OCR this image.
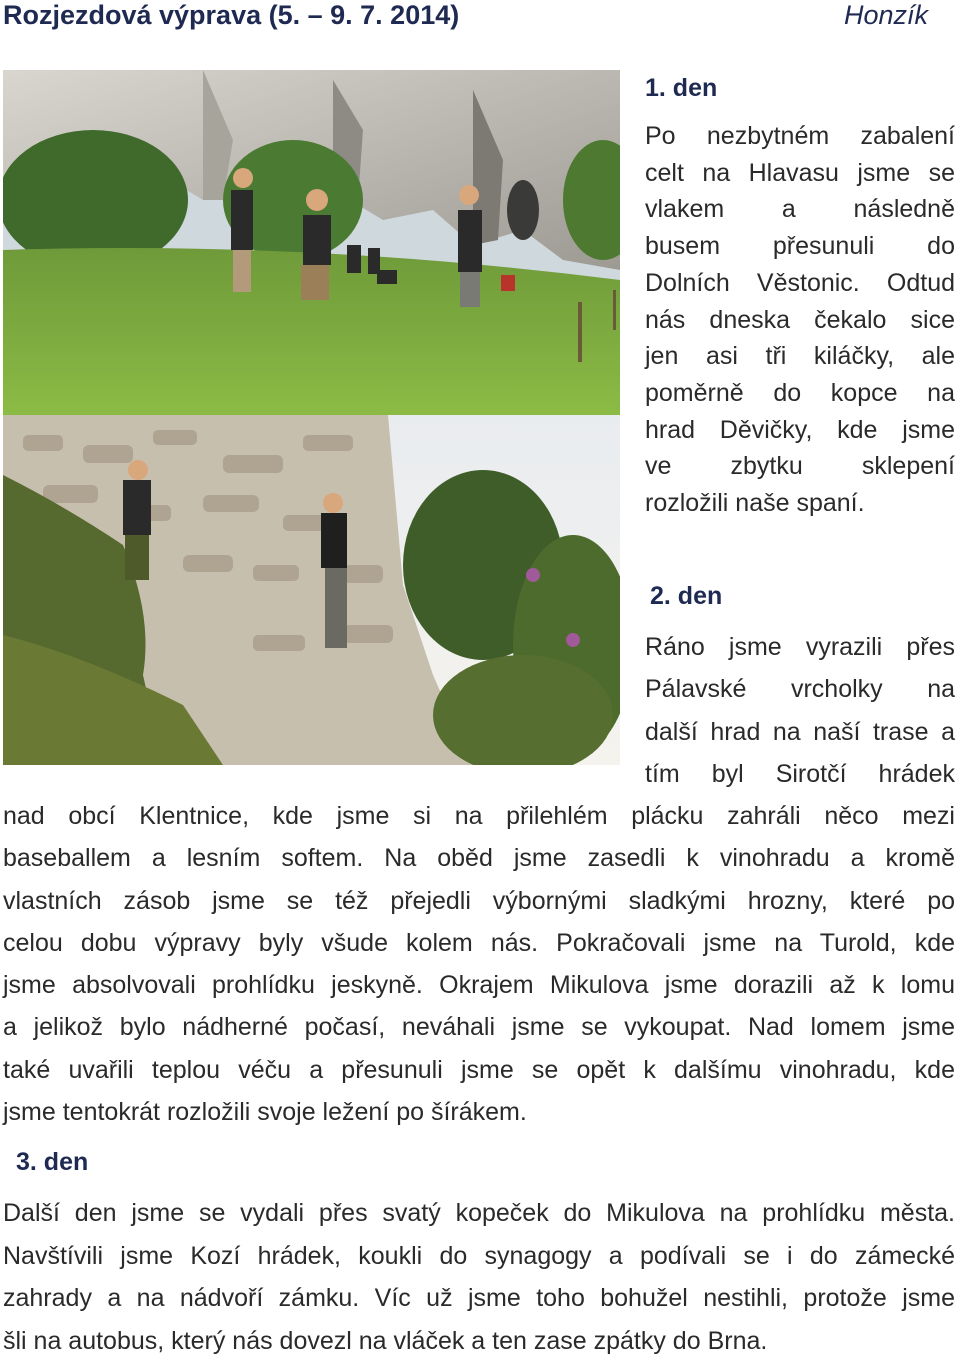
Rozjezdová výprava (5. – 9. 7. 2014)	Honzík
1. den
Po nezbytném zabalení
celt na Hlavasu jsme se
vlakem a následně
busem přesunuli do
Dolních Věstonic. Odtud
nás dneska čekalo sice
jen asi tři kiláčky, ale
poměrně do kopce na
hrad Děvičky, kde jsme
ve zbytku sklepení
rozložili naše spaní.
2. den
Ráno jsme vyrazili přes
Pálavské vrcholky na
další hrad na naší trase a
tím byl Sirotčí hrádek
nad obcí Klentnice, kde jsme si na přilehlém plácku zahráli něco mezi
baseballem a lesním softem. Na oběd jsme zasedli k vinohradu a kromě
vlastních zásob jsme se též přejedli výbornými sladkými hrozny, které po
celou dobu výpravy byly všude kolem nás. Pokračovali jsme na Turold, kde
jsme absolvovali prohlídku jeskyně. Okrajem Mikulova jsme dorazili až k lomu
a jelikož bylo nádherné počasí, neváhali jsme se vykoupat. Nad lomem jsme
také uvařili teplou véču a přesunuli jsme se opět k dalšímu vinohradu, kde
jsme tentokrát rozložili svoje ležení po šírákem.
3. den
Další den jsme se vydali přes svatý kopeček do Mikulova na prohlídku města.
Navštívili jsme Kozí hrádek, koukli do synagogy a podívali se i do zámecké
zahrady a na nádvoří zámku. Víc už jsme toho bohužel nestihli, protože jsme
šli na autobus, který nás dovezl na vláček a ten zase zpátky do Brna.
